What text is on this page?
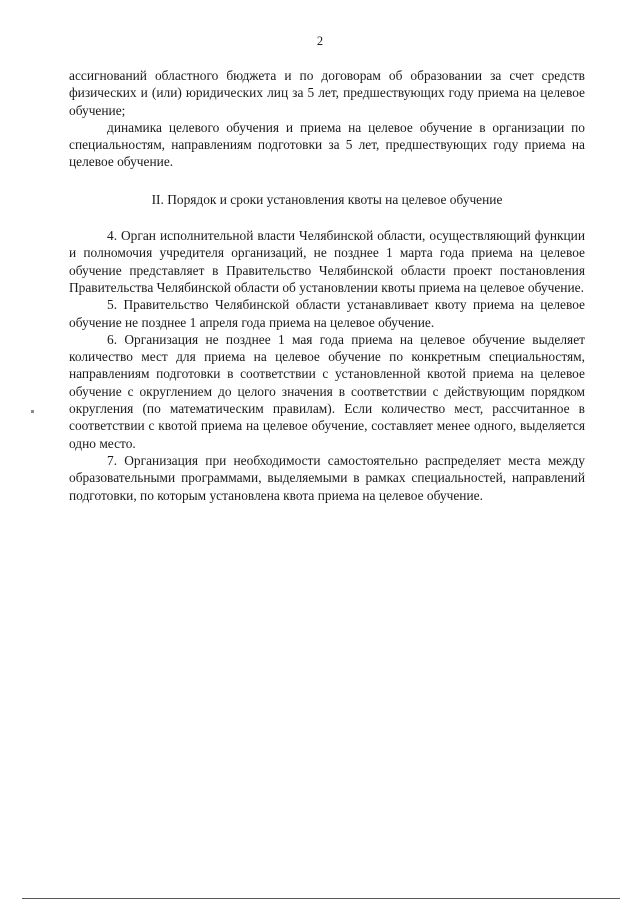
2

ассигнований областного бюджета и по договорам об образовании за счет средств физических и (или) юридических лиц за 5 лет, предшествующих году приема на целевое обучение;

динамика целевого обучения и приема на целевое обучение в организации по специальностям, направлениям подготовки за 5 лет, предшествующих году приема на целевое обучение.

II. Порядок и сроки установления квоты на целевое обучение

4. Орган исполнительной власти Челябинской области, осуществляющий функции и полномочия учредителя организаций, не позднее 1 марта года приема на целевое обучение представляет в Правительство Челябинской области проект постановления Правительства Челябинской области об установлении квоты приема на целевое обучение.

5. Правительство Челябинской области устанавливает квоту приема на целевое обучение не позднее 1 апреля года приема на целевое обучение.

6. Организация не позднее 1 мая года приема на целевое обучение выделяет количество мест для приема на целевое обучение по конкретным специальностям, направлениям подготовки в соответствии с установленной квотой приема на целевое обучение с округлением до целого значения в соответствии с действующим порядком округления (по математическим правилам). Если количество мест, рассчитанное в соответствии с квотой приема на целевое обучение, составляет менее одного, выделяется одно место.

7. Организация при необходимости самостоятельно распределяет места между образовательными программами, выделяемыми в рамках специальностей, направлений подготовки, по которым установлена квота приема на целевое обучение.
